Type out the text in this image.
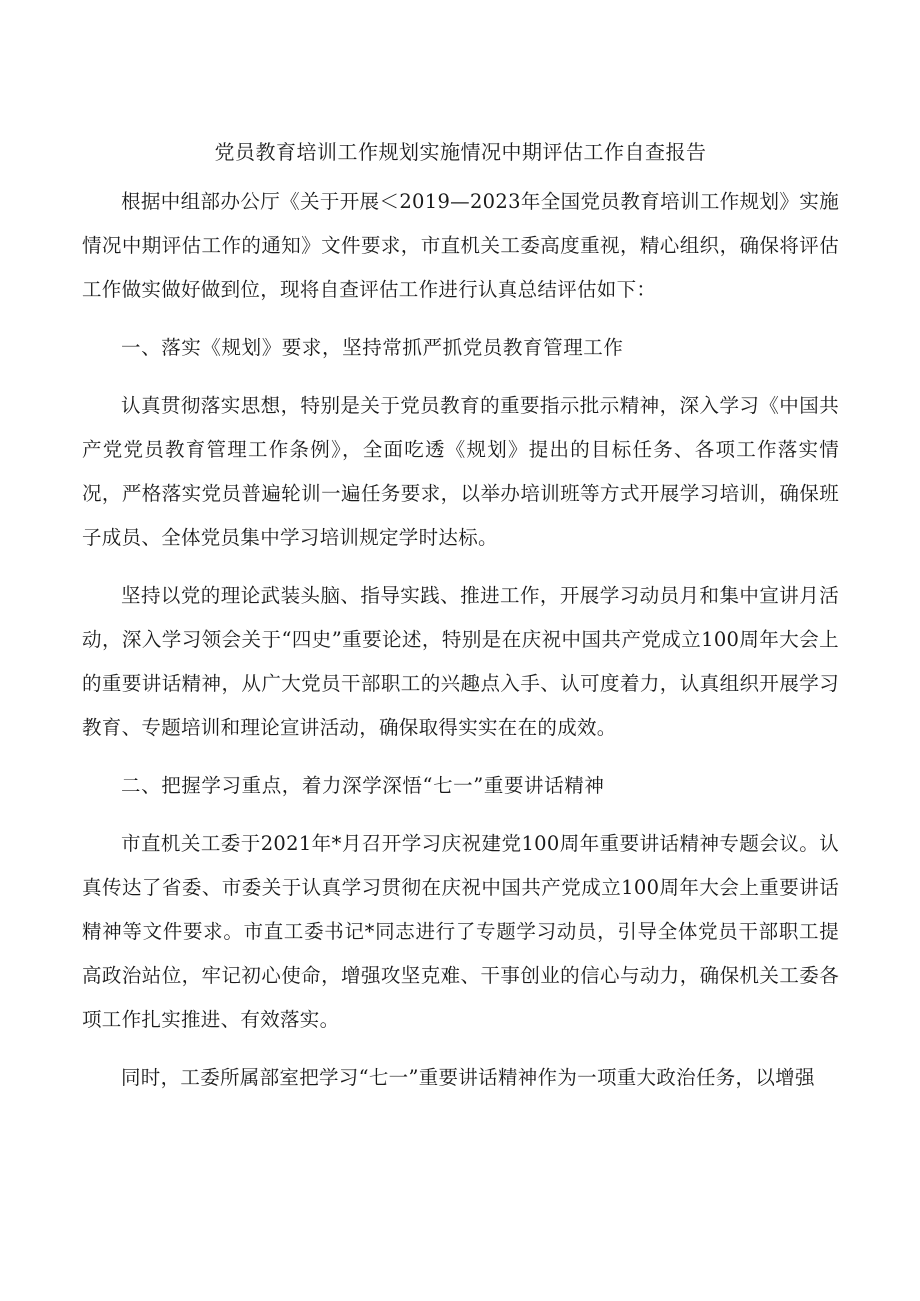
党员教育培训工作规划实施情况中期评估工作自查报告

根据中组部办公厅《关于开展＜2019—2023年全国党员教育培训工作规划》实施情况中期评估工作的通知》文件要求，市直机关工委高度重视，精心组织，确保将评估工作做实做好做到位，现将自查评估工作进行认真总结评估如下：

一、落实《规划》要求，坚持常抓严抓党员教育管理工作

认真贯彻落实思想，特别是关于党员教育的重要指示批示精神，深入学习《中国共产党党员教育管理工作条例》，全面吃透《规划》提出的目标任务、各项工作落实情况，严格落实党员普遍轮训一遍任务要求，以举办培训班等方式开展学习培训，确保班子成员、全体党员集中学习培训规定学时达标。

坚持以党的理论武装头脑、指导实践、推进工作，开展学习动员月和集中宣讲月活动，深入学习领会关于“四史”重要论述，特别是在庆祝中国共产党成立100周年大会上的重要讲话精神，从广大党员干部职工的兴趣点入手、认可度着力，认真组织开展学习教育、专题培训和理论宣讲活动，确保取得实实在在的成效。

二、把握学习重点，着力深学深悟“七一”重要讲话精神

市直机关工委于2021年*月召开学习庆祝建党100周年重要讲话精神专题会议。认真传达了省委、市委关于认真学习贯彻在庆祝中国共产党成立100周年大会上重要讲话精神等文件要求。市直工委书记*同志进行了专题学习动员，引导全体党员干部职工提高政治站位，牢记初心使命，增强攻坚克难、干事创业的信心与动力，确保机关工委各项工作扎实推进、有效落实。

同时，工委所属部室把学习“七一”重要讲话精神作为一项重大政治任务，以增强
